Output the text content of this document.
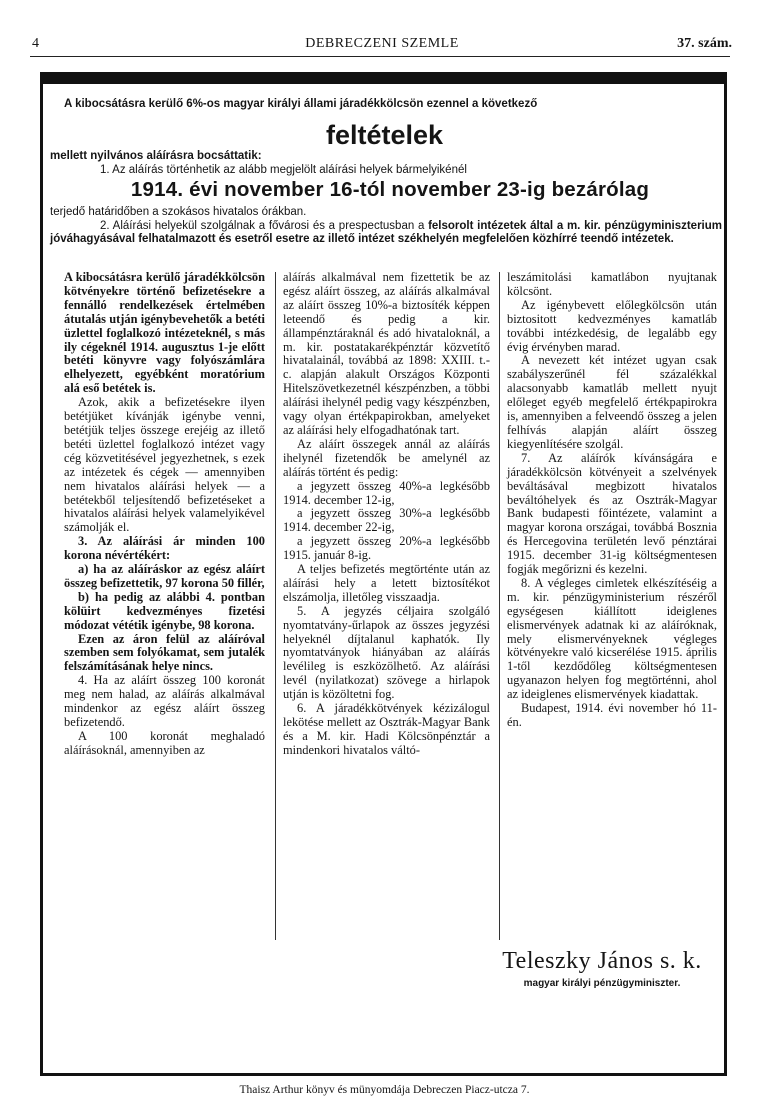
4	DEBRECZENI SZEMLE	37. szám.

A kibocsátásra kerülő 6%-os magyar királyi állami járadékkölcsön ezennel a következő

feltételek

mellett nyilvános aláírásra bocsáttatik:

1. Az aláírás történhetik az alább megjelölt aláírási helyek bármelyikénél

1914. évi november 16-tól november 23-ig bezárólag

terjedő határidőben a szokásos hivatalos órákban.

2. Aláírási helyekül szolgálnak a fővárosi és a prespectusban a felsorolt intézetek által a m. kir. pénzügyminiszterium jóváhagyásával felhatalmazott és esetről esetre az illető intézet székhelyén megfelelően közhírré teendő intézetek.

A kibocsátásra kerülő járadékkölcsön kötvényekre történő befizetésekre a fennálló rendelkezések értelmében átutalás utján igénybevehetők a betéti üzlettel foglalkozó intézeteknél, s más ily cégeknél 1914. augusztus 1-je előtt betéti könyvre vagy folyószámlára elhelyezett, egyébként moratórium alá eső betétek is.

Azok, akik a befizetésekre ilyen betétjüket kívánják igénybe venni, betétjük teljes összege erejéig az illető betéti üzlettel foglalkozó intézet vagy cég közvetitésével jegyezhetnek, s ezek az intézetek és cégek — amennyiben nem hivatalos aláírási helyek — a betétekből teljesítendő befizetéseket a hivatalos aláírási helyek valamelyikével számolják el.

3. Az aláírási ár minden 100 korona névértékért:

a) ha az aláíráskor az egész aláírt összeg befizettetik, 97 korona 50 fillér,

b) ha pedig az alábbi 4. pontban kölüirt kedvezményes fizetési módozat vététik igénybe, 98 korona.

Ezen az áron felül az aláíróval szemben sem folyókamat, sem jutalék felszámításának helye nincs.

4. Ha az aláírt összeg 100 koronát meg nem halad, az aláírás alkalmával mindenkor az egész aláírt összeg befizetendő.

A 100 koronát meghaladó aláírásoknál, amennyiben az

aláírás alkalmával nem fizettetik be az egész aláírt összeg, az aláírás alkalmával az aláírt összeg 10%-a biztosíték képpen leteendő és pedig a kir. állampénztáraknál és adó hivataloknál, a m. kir. postatakarékpénztár közvetítő hivatalainál, továbbá az 1898: XXIII. t.-c. alapján alakult Országos Központi Hitelszövetkezetnél készpénzben, a többi aláírási ihelynél pedig vagy készpénzben, vagy olyan értékpapirokban, amelyeket az aláírási hely elfogadhatónak tart.

Az aláírt összegek annál az aláírás ihelynél fizetendők be amelynél az aláírás történt és pedig:

a jegyzett összeg 40%-a legkésőbb 1914. december 12-ig,

a jegyzett összeg 30%-a legkésőbb 1914. december 22-ig,

a jegyzett összeg 20%-a legkésőbb 1915. január 8-ig.

A teljes befizetés megtörténte után az aláírási hely a letett biztosítékot elszámolja, illetőleg visszaadja.

5. A jegyzés céljaira szolgáló nyomtatvány-űrlapok az összes jegyzési helyeknél díjtalanul kaphatók. Ily nyomtatványok hiányában az aláírás levélileg is eszközölhető. Az aláírási levél (nyilatkozat) szövege a hirlapok utján is közöltetni fog.

6. A járadékkötvények kézizálogul lekötése mellett az Osztrák-Magyar Bank és a M. kir. Hadi Kölcsönpénztár a mindenkori hivatalos váltó-

leszámitolási kamatlábon nyujtanak kölcsönt.

Az igénybevett előlegkölcsön után biztositott kedvezményes kamatláb további intézkedésig, de legalább egy évig érvényben marad.

A nevezett két intézet ugyan csak szabályszerűnél fél százalékkal alacsonyabb kamatláb mellett nyujt előleget egyéb megfelelő értékpapirokra is, amennyiben a felveendő összeg a jelen felhívás alapján aláírt összeg kiegyenlítésére szolgál.

7. Az aláírók kívánságára e járadékkölcsön kötvényeit a szelvények beváltásával megbizott hivatalos beváltóhelyek és az Osztrák-Magyar Bank budapesti főintézete, valamint a magyar korona országai, továbbá Bosznia és Hercegovina területén levő pénztárai 1915. december 31-ig költségmentesen fogják megőrizni és kezelni.

8. A végleges cimletek elkészítéséig a m. kir. pénzügyministerium részéről egységesen kiállított ideiglenes elismervények adatnak ki az aláíróknak, mely elismervényeknek végleges kötvényekre való kicserélése 1915. április 1-től kezdődőleg költségmentesen ugyanazon helyen fog megtörténni, ahol az ideiglenes elismervények kiadattak.

Budapest, 1914. évi november hó 11-én.

Teleszky János s. k.
magyar királyi pénzügyminiszter.
Thaisz Arthur könyv és münyomdája Debreczen Piacz-utcza 7.
